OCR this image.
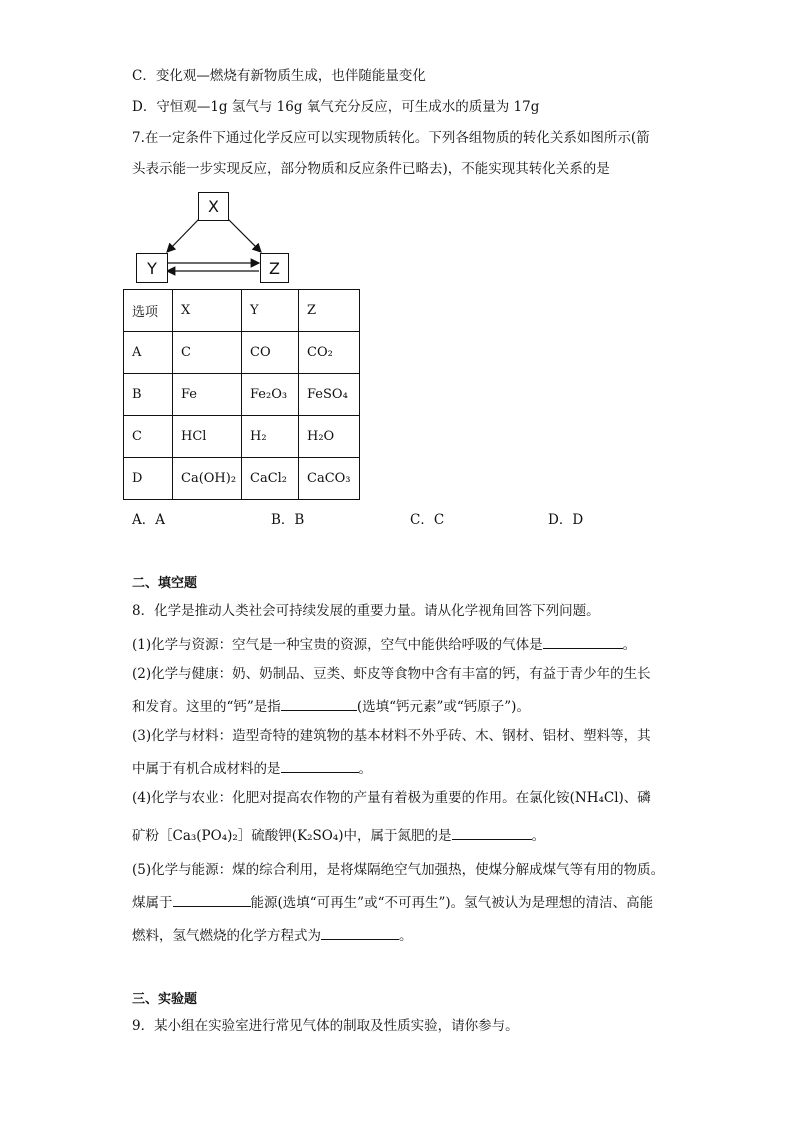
C．变化观—燃烧有新物质生成，也伴随能量变化
D．守恒观—1g 氢气与 16g 氧气充分反应，可生成水的质量为 17g
7.在一定条件下通过化学反应可以实现物质转化。下列各组物质的转化关系如图所示(箭
头表示能一步实现反应，部分物质和反应条件已略去)，不能实现其转化关系的是
X
Y	Z
选项	X	Y	Z
A	C	CO	CO₂
B	Fe	Fe₂O₃	FeSO₄
C	HCl	H₂	H₂O
D	Ca(OH)₂	CaCl₂	CaCO₃
A．A	B．B	C．C	D．D
二、填空题
8．化学是推动人类社会可持续发展的重要力量。请从化学视角回答下列问题。
(1)化学与资源：空气是一种宝贵的资源，空气中能供给呼吸的气体是	。
(2)化学与健康：奶、奶制品、豆类、虾皮等食物中含有丰富的钙，有益于青少年的生长
和发育。这里的“钙”是指	(选填“钙元素”或“钙原子”)。
(3)化学与材料：造型奇特的建筑物的基本材料不外乎砖、木、钢材、铝材、塑料等，其
中属于有机合成材料的是	。
(4)化学与农业：化肥对提高农作物的产量有着极为重要的作用。在氯化铵(NH₄Cl)、磷
矿粉［Ca₃(PO₄)₂］硫酸钾(K₂SO₄)中，属于氮肥的是	。
(5)化学与能源：煤的综合利用，是将煤隔绝空气加强热，使煤分解成煤气等有用的物质。
煤属于	能源(选填“可再生”或“不可再生”)。氢气被认为是理想的清洁、高能
燃料，氢气燃烧的化学方程式为	。
三、实验题
9．某小组在实验室进行常见气体的制取及性质实验，请你参与。
